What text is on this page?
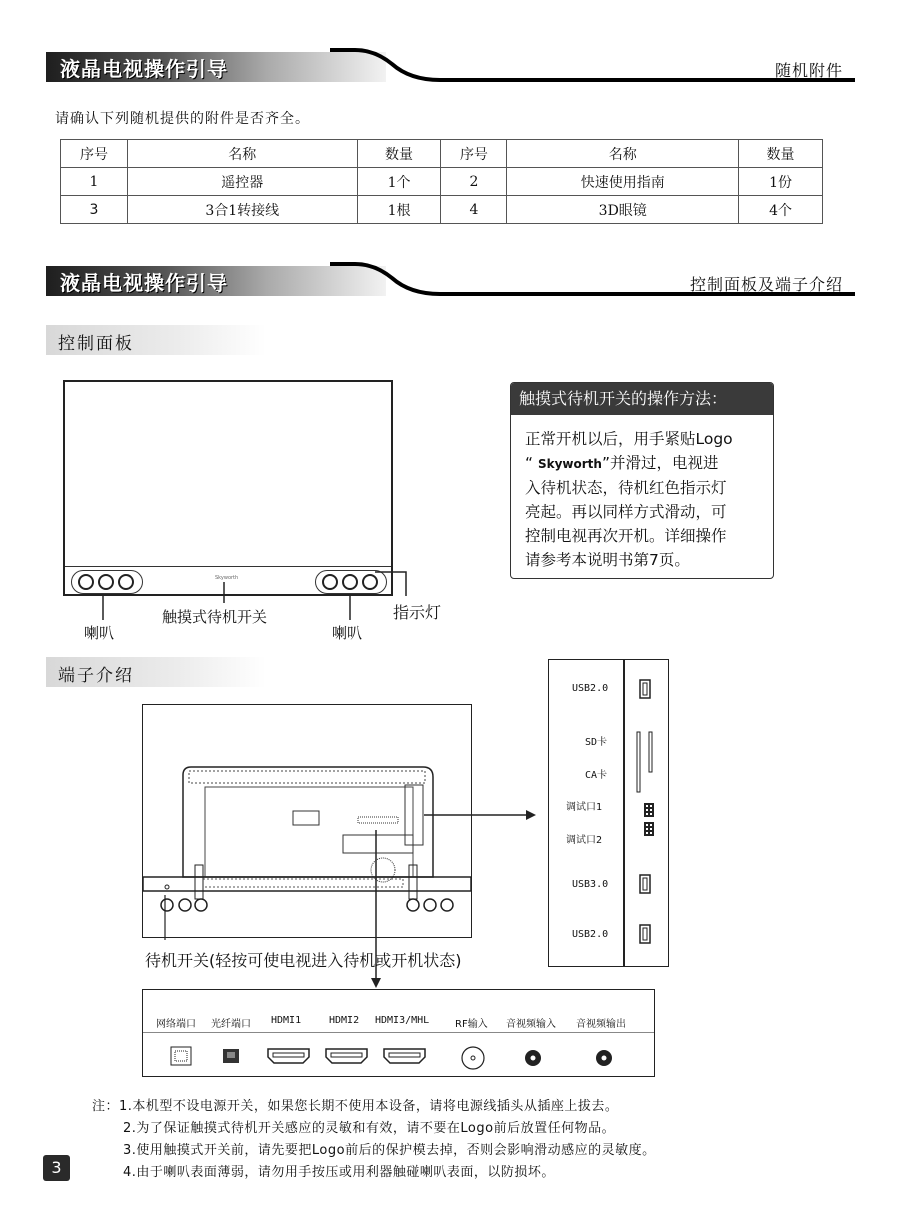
液晶电视操作引导	随机附件
请确认下列随机提供的附件是否齐全。
序号	名称	数量	序号	名称	数量
1	遥控器	1个	2	快速使用指南	1份
3	3合1转接线	1根	4	3D眼镜	4个
液晶电视操作引导	控制面板及端子介绍
控制面板
Skyworth
喇叭
触摸式待机开关
喇叭
指示灯
触摸式待机开关的操作方法：
正常开机以后，用手紧贴Logo
“ Skyworth”并滑过，电视进
入待机状态，待机红色指示灯
亮起。再以同样方式滑动，可
控制电视再次开机。详细操作
请参考本说明书第7页。
端子介绍
待机开关(轻按可使电视进入待机或开机状态)
USB2.0
SD卡
CA卡
调试口1
调试口2
USB3.0
USB2.0
网络端口 光纤端口 HDMI1	HDMI2 HDMI3/MHL	RF输入 音视频输入 音视频输出
注：1.本机型不设电源开关，如果您长期不使用本设备，请将电源线插头从插座上拔去。
2.为了保证触摸式待机开关感应的灵敏和有效，请不要在Logo前后放置任何物品。
3.使用触摸式开关前，请先要把Logo前后的保护模去掉，否则会影响滑动感应的灵敏度。
4.由于喇叭表面薄弱，请勿用手按压或用利器触碰喇叭表面，以防损坏。
3
